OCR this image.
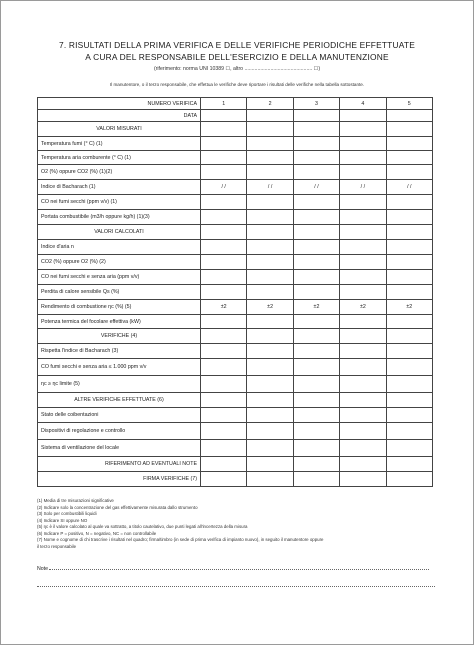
7. RISULTATI DELLA PRIMA VERIFICA E DELLE VERIFICHE PERIODICHE EFFETTUATE
A CURA DEL RESPONSABILE DELL'ESERCIZIO E DELLA MANUTENZIONE
(riferimento: norma UNI 10389 ☐, altro ............................................... ☐)
Il manutentore, o il terzo responsabile, che effettua le verifiche deve riportare i risultati delle verifiche nella tabella sottostante.
NUMERO VERIFICA	1	2	3	4	5
DATA					
VALORI MISURATI					
Temperatura fumi (° C) (1)					
Temperatura aria comburente (° C) (1)					
O2 (%) oppure CO2 (%) (1)(2)					
Indice di Bacharach (1)	/ /	/ /	/ /	/ /	/ /
CO nei fumi secchi (ppm v/v) (1)					
Portata combustibile (m3/h oppure kg/h) (1)(3)					
VALORI CALCOLATI					
Indice d'aria n					
CO2 (%) oppure O2 (%) (2)					
CO nei fumi secchi e senza aria (ppm v/v)					
Perdita di calore sensibile Qs (%)					
Rendimento di combustione ηc (%) (5)	±2	±2	±2	±2	±2
Potenza termica del focolare effettiva (kW)					
VERIFICHE (4)					
Rispetta l'indice di Bacharach (3)					
CO fumi secchi e senza aria ≤ 1.000 ppm v/v					
ηc ≥ ηc limite (5)					
ALTRE VERIFICHE EFFETTUATE (6)					
Stato delle coibentazioni					
Dispositivi di regolazione e controllo					
Sistema di ventilazione del locale					
RIFERIMENTO AD EVENTUALI NOTE					
FIRMA VERIFICHE (7)					
(1) Media di tre misurazioni significative
(2) Indicare solo la concentrazione del gas effettivamente misurata dallo strumento
(3) Solo per combustibili liquidi
(4) Indicare SI oppure NO
(5) ηc è il valore calcolato al quale va sottratto, a titolo cautelativo, due punti legati all'incertezza della misura
(6) Indicare P = positivo, N = negativo, NC = non controllabile
(7) Nome e cognome di chi trascrive i risultati nel quadro; firma/timbro (in sede di prima verifica di impianto nuovo), in seguito il manutentore oppure
il terzo responsabile
Note
